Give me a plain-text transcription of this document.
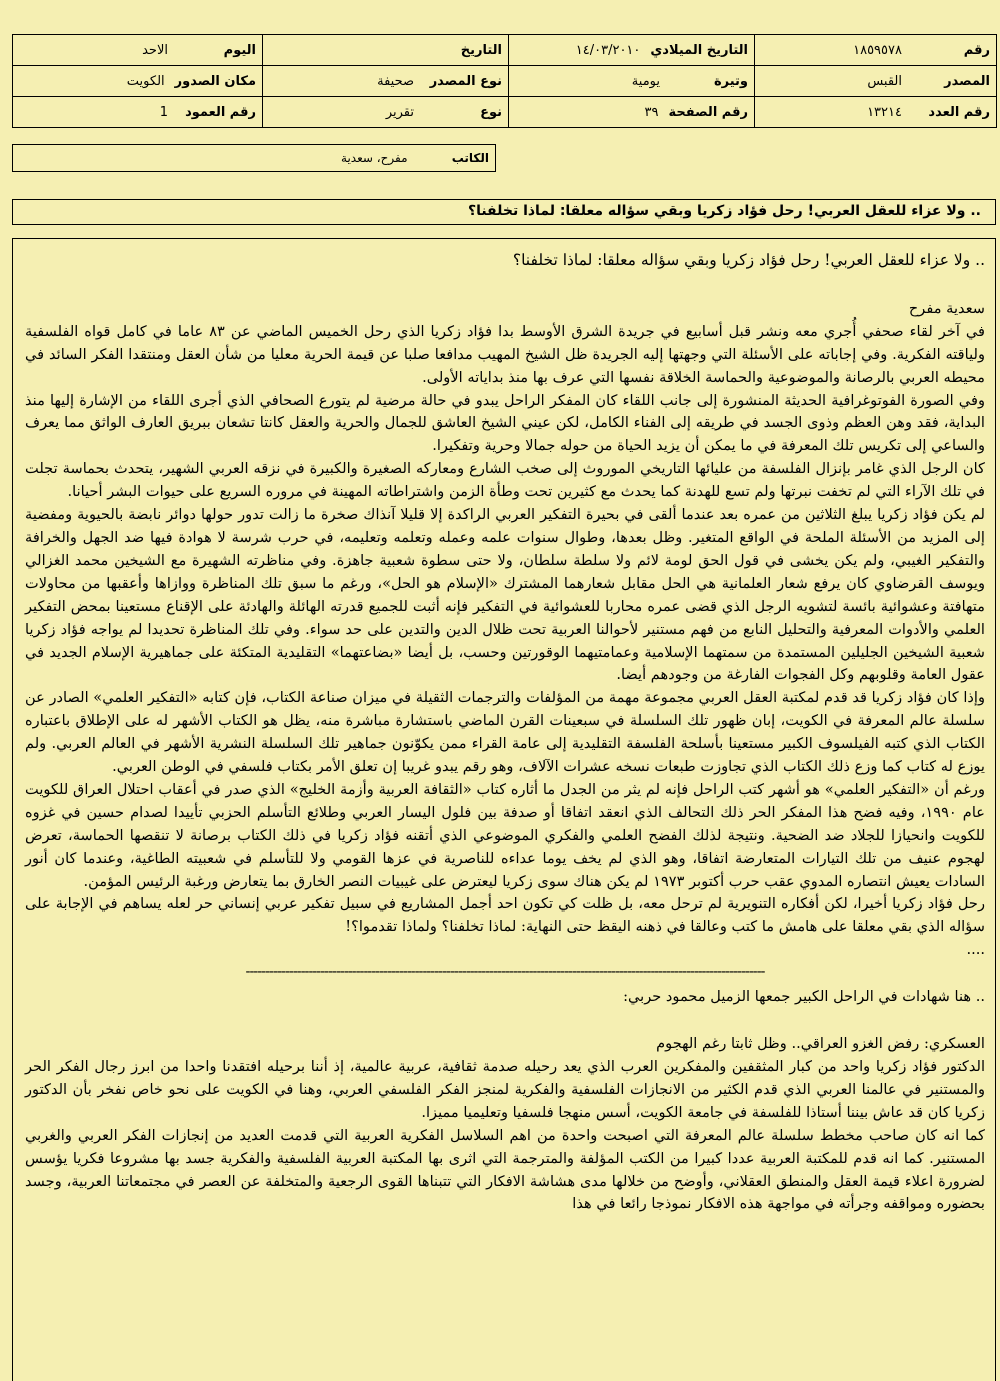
رقم١٨٥٩٥٧٨	التاريخ الميلادي١٤/٠٣/٢٠١٠	التاريخ	اليومالاحد
المصدرالقبس	وتيرةيومية	نوع المصدرصحيفة	مكان الصدورالكويت
رقم العدد١٣٢١٤	رقم الصفحة٣٩	نوعتقرير	رقم العمود1
الكاتب مفرح، سعدية
.. ولا عزاء للعقل العربي! رحل فؤاد زكريا وبقي سؤاله معلقا: لماذا تخلفنا؟

.. ولا عزاء للعقل العربي! رحل فؤاد زكريا وبقي سؤاله معلقا: لماذا تخلفنا؟

سعدية مفرح

في آخر لقاء صحفي أُجري معه ونشر قبل أسابيع في جريدة الشرق الأوسط بدا فؤاد زكريا الذي رحل الخميس الماضي عن ٨٣ عاما في كامل قواه الفلسفية ولياقته الفكرية. وفي إجاباته على الأسئلة التي وجهتها إليه الجريدة ظل الشيخ المهيب مدافعا صلبا عن قيمة الحرية معليا من شأن العقل ومنتقدا الفكر السائد في محيطه العربي بالرصانة والموضوعية والحماسة الخلاقة نفسها التي عرف بها منذ بداياته الأولى.

وفي الصورة الفوتوغرافية الحديثة المنشورة إلى جانب اللقاء كان المفكر الراحل يبدو في حالة مرضية لم يتورع الصحافي الذي أجرى اللقاء من الإشارة إليها منذ البداية، فقد وهن العظم وذوى الجسد في طريقه إلى الفناء الكامل، لكن عيني الشيخ العاشق للجمال والحرية والعقل كانتا تشعان ببريق العارف الواثق مما يعرف والساعي إلى تكريس تلك المعرفة في ما يمكن أن يزيد الحياة من حوله جمالا وحرية وتفكيرا.

كان الرجل الذي غامر بإنزال الفلسفة من عليائها التاريخي الموروث إلى صخب الشارع ومعاركه الصغيرة والكبيرة في نزقه العربي الشهير، يتحدث بحماسة تجلت في تلك الآراء التي لم تخفت نبرتها ولم تسع للهدنة كما يحدث مع كثيرين تحت وطأة الزمن واشتراطاته المهينة في مروره السريع على حيوات البشر أحيانا.

لم يكن فؤاد زكريا يبلغ الثلاثين من عمره بعد عندما ألقى في بحيرة التفكير العربي الراكدة إلا قليلا آنذاك صخرة ما زالت تدور حولها دوائر نابضة بالحيوية ومفضية إلى المزيد من الأسئلة الملحة في الواقع المتغير. وظل بعدها، وطوال سنوات علمه وعمله وتعلمه وتعليمه، في حرب شرسة لا هوادة فيها ضد الجهل والخرافة والتفكير الغيبي، ولم يكن يخشى في قول الحق لومة لائم ولا سلطة سلطان، ولا حتى سطوة شعبية جاهزة. وفي مناظرته الشهيرة مع الشيخين محمد الغزالي ويوسف القرضاوي كان يرفع شعار العلمانية هي الحل مقابل شعارهما المشترك «الإسلام هو الحل»، ورغم ما سبق تلك المناظرة ووازاها وأعقبها من محاولات متهافتة وعشوائية بائسة لتشويه الرجل الذي قضى عمره محاربا للعشوائية في التفكير فإنه أثبت للجميع قدرته الهائلة والهادئة على الإقناع مستعينا بمحض التفكير العلمي والأدوات المعرفية والتحليل النابع من فهم مستنير لأحوالنا العربية تحت ظلال الدين والتدين على حد سواء. وفي تلك المناظرة تحديدا لم يواجه فؤاد زكريا شعبية الشيخين الجليلين المستمدة من سمتهما الإسلامية وعمامتيهما الوقورتين وحسب، بل أيضا «بضاعتهما» التقليدية المتكئة على جماهيرية الإسلام الجديد في عقول العامة وقلوبهم وكل الفجوات الفارغة من وجودهم أيضا.

وإذا كان فؤاد زكريا قد قدم لمكتبة العقل العربي مجموعة مهمة من المؤلفات والترجمات الثقيلة في ميزان صناعة الكتاب، فإن كتابه «التفكير العلمي» الصادر عن سلسلة عالم المعرفة في الكويت، إبان ظهور تلك السلسلة في سبعينات القرن الماضي باستشارة مباشرة منه، يظل هو الكتاب الأشهر له على الإطلاق باعتباره الكتاب الذي كتبه الفيلسوف الكبير مستعينا بأسلحة الفلسفة التقليدية إلى عامة القراء ممن يكوّنون جماهير تلك السلسلة النشرية الأشهر في العالم العربي. ولم يوزع له كتاب كما وزع ذلك الكتاب الذي تجاوزت طبعات نسخه عشرات الآلاف، وهو رقم يبدو غريبا إن تعلق الأمر بكتاب فلسفي في الوطن العربي.

ورغم أن «التفكير العلمي» هو أشهر كتب الراحل فإنه لم يثر من الجدل ما أثاره كتاب «الثقافة العربية وأزمة الخليج» الذي صدر في أعقاب احتلال العراق للكويت عام ١٩٩٠، وفيه فضح هذا المفكر الحر ذلك التحالف الذي انعقد اتفاقا أو صدفة بين فلول اليسار العربي وطلائع التأسلم الحزبي تأييدا لصدام حسين في غزوه للكويت وانحيازا للجلاد ضد الضحية. ونتيجة لذلك الفضح العلمي والفكري الموضوعي الذي أتقنه فؤاد زكريا في ذلك الكتاب برصانة لا تنقصها الحماسة، تعرض لهجوم عنيف من تلك التيارات المتعارضة اتفاقا، وهو الذي لم يخف يوما عداءه للناصرية في عزها القومي ولا للتأسلم في شعبيته الطاغية، وعندما كان أنور السادات يعيش انتصاره المدوي عقب حرب أكتوبر ١٩٧٣ لم يكن هناك سوى زكريا ليعترض على غيبيات النصر الخارق بما يتعارض ورغبة الرئيس المؤمن.

رحل فؤاد زكريا أخيرا، لكن أفكاره التنويرية لم ترحل معه، بل ظلت كي تكون احد أجمل المشاريع في سبيل تفكير عربي إنساني حر لعله يساهم في الإجابة على سؤاله الذي بقي معلقا على هامش ما كتب وعالقا في ذهنه اليقظ حتى النهاية: لماذا تخلفنا؟ ولماذا تقدموا؟!

....

------------------------------------------------------------------------------------------------------------------------------------

.. هنا شهادات في الراحل الكبير جمعها الزميل محمود حربي:

العسكري: رفض الغزو العراقي.. وظل ثابتا رغم الهجوم

الدكتور فؤاد زكريا واحد من كبار المثقفين والمفكرين العرب الذي يعد رحيله صدمة ثقافية، عربية عالمية، إذ أننا برحيله افتقدنا واحدا من ابرز رجال الفكر الحر والمستنير في عالمنا العربي الذي قدم الكثير من الانجازات الفلسفية والفكرية لمنجز الفكر الفلسفي العربي، وهنا في الكويت على نحو خاص نفخر بأن الدكتور زكريا كان قد عاش بيننا أستاذا للفلسفة في جامعة الكويت، أسس منهجا فلسفيا وتعليميا مميزا.

كما انه كان صاحب مخطط سلسلة عالم المعرفة التي اصبحت واحدة من اهم السلاسل الفكرية العربية التي قدمت العديد من إنجازات الفكر العربي والغربي المستنير. كما انه قدم للمكتبة العربية عددا كبيرا من الكتب المؤلفة والمترجمة التي اثرى بها المكتبة العربية الفلسفية والفكرية جسد بها مشروعا فكريا يؤسس لضرورة اعلاء قيمة العقل والمنطق العقلاني، وأوضح من خلالها مدى هشاشة الافكار التي تتبناها القوى الرجعية والمتخلفة عن العصر في مجتمعاتنا العربية، وجسد بحضوره ومواقفه وجرأته في مواجهة هذه الافكار نموذجا رائعا في هذا
